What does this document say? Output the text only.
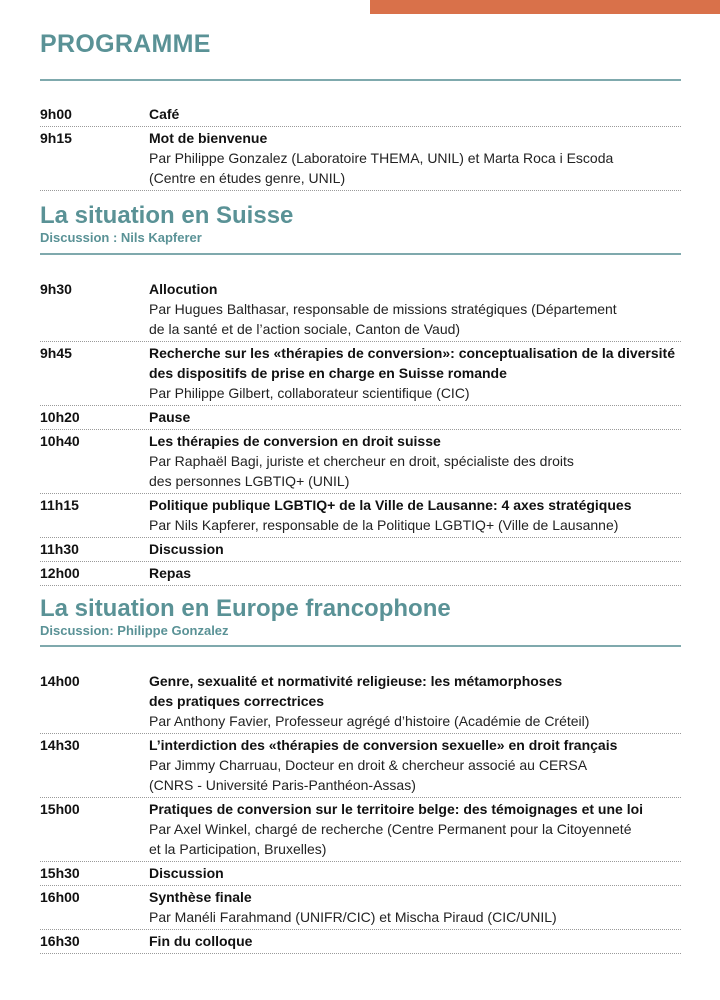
PROGRAMME
9h00	Café
9h15	Mot de bienvenue
Par Philippe Gonzalez (Laboratoire THEMA, UNIL) et Marta Roca i Escoda
(Centre en études genre, UNIL)
La situation en Suisse
Discussion : Nils Kapferer
9h30	Allocution
Par Hugues Balthasar, responsable de missions stratégiques (Département
de la santé et de l’action sociale, Canton de Vaud)
9h45	Recherche sur les «thérapies de conversion»: conceptualisation de la diversité
des dispositifs de prise en charge en Suisse romande
Par Philippe Gilbert, collaborateur scientifique (CIC)
10h20	Pause
10h40	Les thérapies de conversion en droit suisse
Par Raphaël Bagi, juriste et chercheur en droit, spécialiste des droits
des personnes LGBTIQ+ (UNIL)
11h15	Politique publique LGBTIQ+ de la Ville de Lausanne: 4 axes stratégiques
Par Nils Kapferer, responsable de la Politique LGBTIQ+ (Ville de Lausanne)
11h30	Discussion
12h00	Repas
La situation en Europe francophone
Discussion: Philippe Gonzalez
14h00	Genre, sexualité et normativité religieuse: les métamorphoses
des pratiques correctrices
Par Anthony Favier, Professeur agrégé d’histoire (Académie de Créteil)
14h30	L’interdiction des «thérapies de conversion sexuelle» en droit français
Par Jimmy Charruau, Docteur en droit & chercheur associé au CERSA
(CNRS - Université Paris-Panthéon-Assas)
15h00	Pratiques de conversion sur le territoire belge: des témoignages et une loi
Par Axel Winkel, chargé de recherche (Centre Permanent pour la Citoyenneté
et la Participation, Bruxelles)
15h30	Discussion
16h00	Synthèse finale
Par Manéli Farahmand (UNIFR/CIC) et Mischa Piraud (CIC/UNIL)
16h30	Fin du colloque
